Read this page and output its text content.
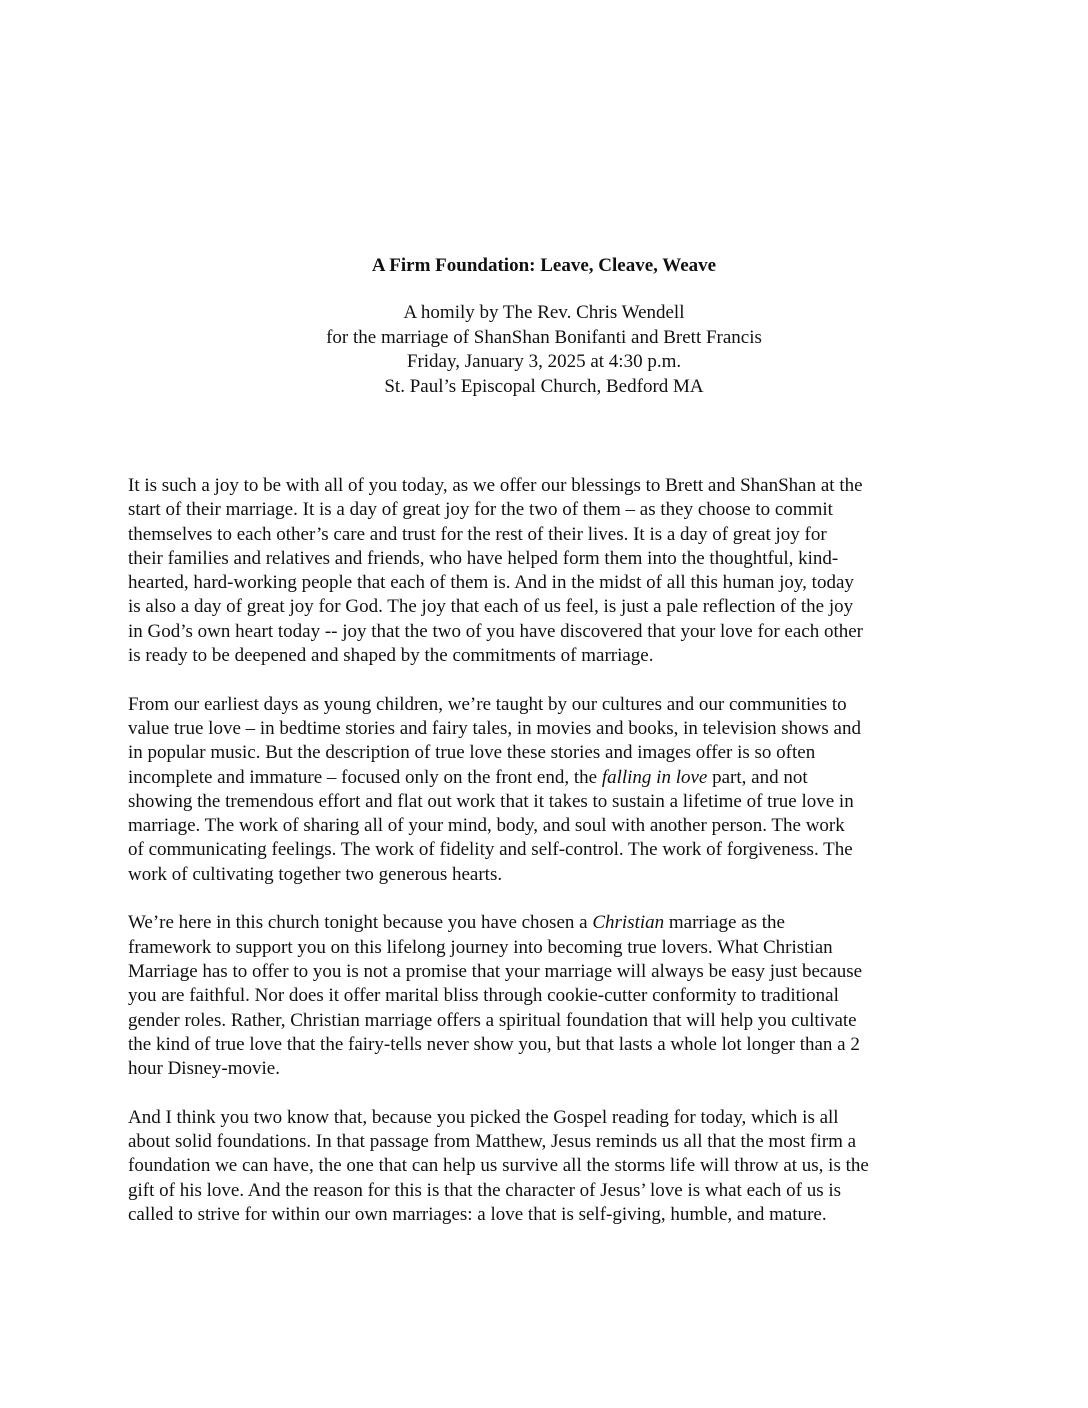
A Firm Foundation: Leave, Cleave, Weave
A homily by The Rev. Chris Wendell
for the marriage of ShanShan Bonifanti and Brett Francis
Friday, January 3, 2025 at 4:30 p.m.
St. Paul’s Episcopal Church, Bedford MA

It is such a joy to be with all of you today, as we offer our blessings to Brett and ShanShan at the
start of their marriage. It is a day of great joy for the two of them – as they choose to commit
themselves to each other’s care and trust for the rest of their lives. It is a day of great joy for
their families and relatives and friends, who have helped form them into the thoughtful, kind-
hearted, hard-working people that each of them is. And in the midst of all this human joy, today
is also a day of great joy for God. The joy that each of us feel, is just a pale reflection of the joy
in God’s own heart today -- joy that the two of you have discovered that your love for each other
is ready to be deepened and shaped by the commitments of marriage.

From our earliest days as young children, we’re taught by our cultures and our communities to
value true love – in bedtime stories and fairy tales, in movies and books, in television shows and
in popular music. But the description of true love these stories and images offer is so often
incomplete and immature – focused only on the front end, the falling in love part, and not
showing the tremendous effort and flat out work that it takes to sustain a lifetime of true love in
marriage. The work of sharing all of your mind, body, and soul with another person. The work
of communicating feelings. The work of fidelity and self-control. The work of forgiveness. The
work of cultivating together two generous hearts.

We’re here in this church tonight because you have chosen a Christian marriage as the
framework to support you on this lifelong journey into becoming true lovers. What Christian
Marriage has to offer to you is not a promise that your marriage will always be easy just because
you are faithful. Nor does it offer marital bliss through cookie-cutter conformity to traditional
gender roles. Rather, Christian marriage offers a spiritual foundation that will help you cultivate
the kind of true love that the fairy-tells never show you, but that lasts a whole lot longer than a 2
hour Disney-movie.

And I think you two know that, because you picked the Gospel reading for today, which is all
about solid foundations. In that passage from Matthew, Jesus reminds us all that the most firm a
foundation we can have, the one that can help us survive all the storms life will throw at us, is the
gift of his love. And the reason for this is that the character of Jesus’ love is what each of us is
called to strive for within our own marriages: a love that is self-giving, humble, and mature.
